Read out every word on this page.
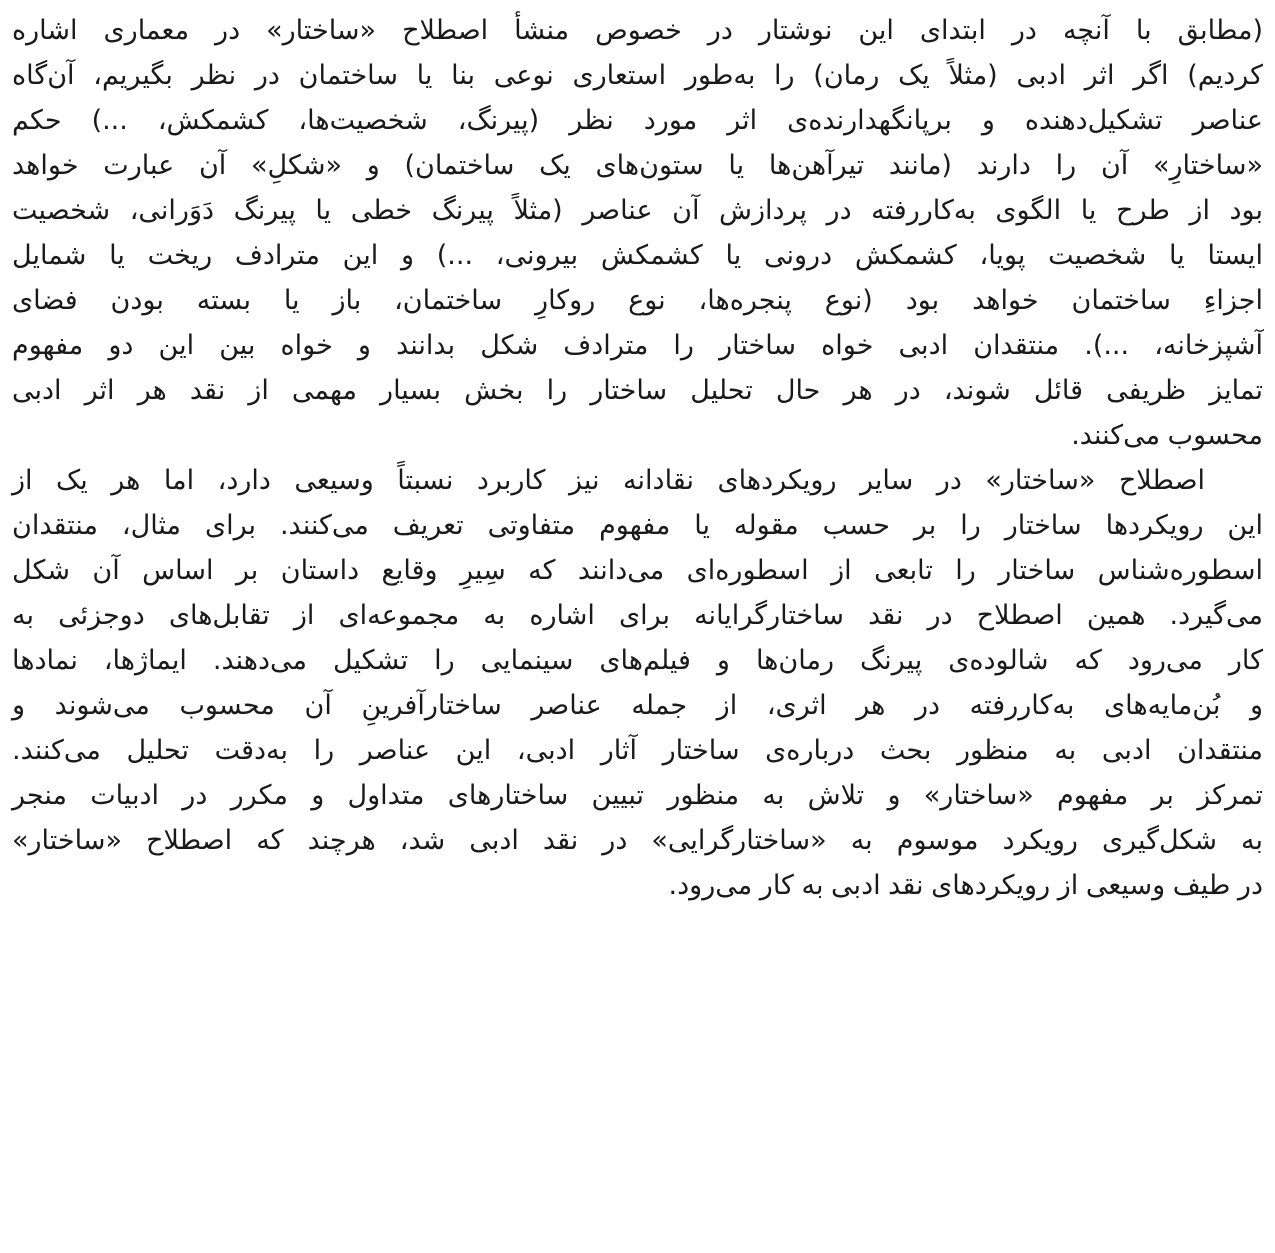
(مطابق با آنچه در ابتدای این نوشتار در خصوص منشأ اصطلاح «ساختار» در معماری اشاره

کردیم) اگر اثر ادبی (مثلاً یک رمان) را به‌طور استعاری نوعی بنا یا ساختمان در نظر بگیریم، آن‌گاه

عناصر تشکیل‌دهنده و برپانگهدارنده‌ی اثر مورد نظر (پیرنگ، شخصیت‌ها، کشمکش، ...) حکم

«ساختارِ» آن را دارند (مانند تیرآهن‌ها یا ستون‌های یک ساختمان) و «شکلِ» آن عبارت خواهد

بود از طرح یا الگوی به‌کاررفته در پردازش آن عناصر (مثلاً پیرنگ خطی یا پیرنگ دَوَرانی، شخصیت

ایستا یا شخصیت پویا، کشمکش درونی یا کشمکش بیرونی، ...) و این مترادف ریخت یا شمایل

اجزاءِ ساختمان خواهد بود (نوع پنجره‌ها، نوع روکارِ ساختمان، باز یا بسته بودن فضای

آشپزخانه، ...). منتقدان ادبی خواه ساختار را مترادف شکل بدانند و خواه بین این دو مفهوم

تمایز ظریفی قائل شوند، در هر حال تحلیل ساختار را بخش بسیار مهمی از نقد هر اثر ادبی

محسوب می‌کنند.

اصطلاح «ساختار» در سایر رویکردهای نقادانه نیز کاربرد نسبتاً وسیعی دارد، اما هر یک از

این رویکردها ساختار را بر حسب مقوله یا مفهوم متفاوتی تعریف می‌کنند. برای مثال، منتقدان

اسطوره‌شناس ساختار را تابعی از اسطوره‌ای می‌دانند که سِیرِ وقایع داستان بر اساس آن شکل

می‌گیرد. همین اصطلاح در نقد ساختارگرایانه برای اشاره به مجموعه‌ای از تقابل‌های دوجزئی به

کار می‌رود که شالوده‌ی پیرنگ رمان‌ها و فیلم‌های سینمایی را تشکیل می‌دهند. ایماژها، نمادها

و بُن‌مایه‌های به‌کاررفته در هر اثری، از جمله عناصر ساختارآفرینِ آن محسوب می‌شوند و

منتقدان ادبی به منظور بحث درباره‌ی ساختار آثار ادبی، این عناصر را به‌دقت تحلیل می‌کنند.

تمرکز بر مفهوم «ساختار» و تلاش به منظور تبیین ساختارهای متداول و مکرر در ادبیات منجر

به شکل‌گیری رویکرد موسوم به «ساختارگرایی» در نقد ادبی شد، هرچند که اصطلاح «ساختار»

در طیف وسیعی از رویکردهای نقد ادبی به کار می‌رود.
